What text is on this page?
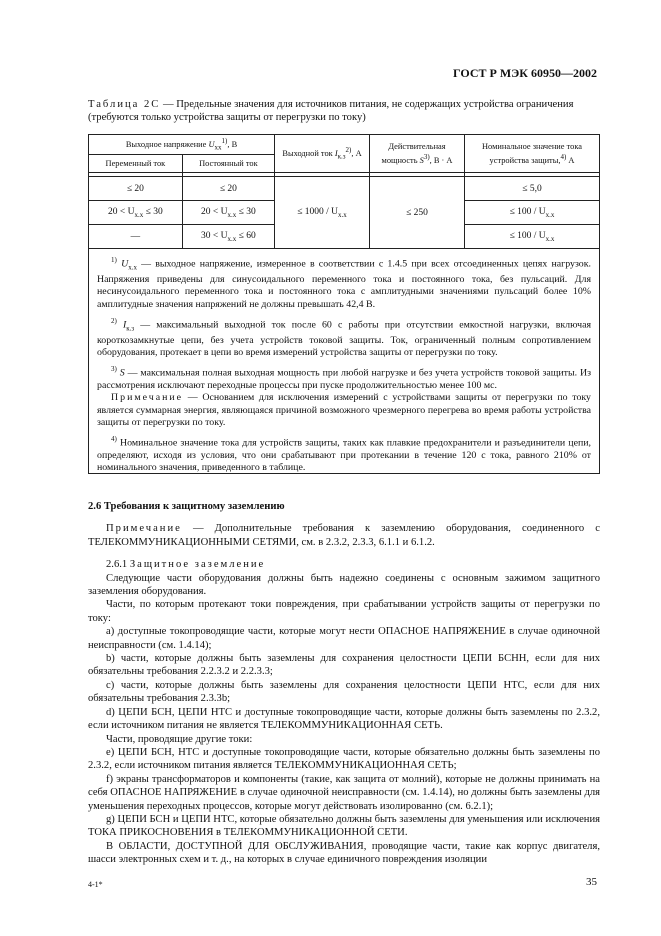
ГОСТ Р МЭК 60950—2002
Таблица 2С — Предельные значения для источников питания, не содержащих устройства ограничения (требуются только устройства защиты от перегрузки по току)
Выходное напряжение $U_{xx}^{1)}$, В		Выходной ток $I_{к.з}^{2)}$, А	Действительная мощность $S^{3)}$, В · А	Номинальное значение тока устройства защиты,$^{4)}$ А
Переменный ток	Постоянный ток			

≤ 20	≤ 20	≤ $1000 / U_{х.х}$	≤ 250	≤ 5,0
$20 < U_{х.х} \le 30$	$20 < U_{х.х} \le 30$			≤ $100 / U_{х.х}$
—	$30 < U_{х.х} \le 60$			≤ $100 / U_{х.х}$

$^{1)}$ $U_{х.х}$ — выходное напряжение, измеренное в соответствии с 1.4.5 при всех отсоединенных цепях нагрузок. Напряжения приведены для синусоидального переменного тока и постоянного тока, без пульсаций. Для несинусоидального переменного тока и постоянного тока с амплитудными значениями пульсаций более 10% амплитудные значения напряжений не должны превышать 42,4 В.

$^{2)}$ $I_{к.з}$ — максимальный выходной ток после 60 с работы при отсутствии емкостной нагрузки, включая короткозамкнутые цепи, без учета устройств токовой защиты. Ток, ограниченный полным сопротивлением оборудования, протекает в цепи во время измерений устройства защиты от перегрузки по току.

$^{3)}$ S — максимальная полная выходная мощность при любой нагрузке и без учета устройств токовой защиты. Из рассмотрения исключают переходные процессы при пуске продолжительностью менее 100 мс.

Примечание — Основанием для исключения измерений с устройствами защиты от перегрузки по току является суммарная энергия, являющаяся причиной возможного чрезмерного перегрева во время работы устройства защиты от перегрузки по току.

$^{4)}$ Номинальное значение тока для устройств защиты, таких как плавкие предохранители и разъединители цепи, определяют, исходя из условия, что они срабатывают при протекании в течение 120 с тока, равного 210% от номинального значения, приведенного в таблице.

2.6 Требования к защитному заземлению

Примечание — Дополнительные требования к заземлению оборудования, соединенного с ТЕЛЕКОММУНИКАЦИОННЫМИ СЕТЯМИ, см. в 2.3.2, 2.3.3, 6.1.1 и 6.1.2.

2.6.1 Защитное заземление

Следующие части оборудования должны быть надежно соединены с основным зажимом защитного заземления оборудования.

Части, по которым протекают токи повреждения, при срабатывании устройств защиты от перегрузки по току:

a) доступные токопроводящие части, которые могут нести ОПАСНОЕ НАПРЯЖЕНИЕ в случае одиночной неисправности (см. 1.4.14);

b) части, которые должны быть заземлены для сохранения целостности ЦЕПИ БСНН, если для них обязательны требования 2.2.3.2 и 2.2.3.3;

c) части, которые должны быть заземлены для сохранения целостности ЦЕПИ НТС, если для них обязательны требования 2.3.3b;

d) ЦЕПИ БСН, ЦЕПИ НТС и доступные токопроводящие части, которые должны быть заземлены по 2.3.2, если источником питания не является ТЕЛЕКОММУНИКАЦИОННАЯ СЕТЬ.

Части, проводящие другие токи:

e) ЦЕПИ БСН, НТС и доступные токопроводящие части, которые обязательно должны быть заземлены по 2.3.2, если источником питания является ТЕЛЕКОММУНИКАЦИОННАЯ СЕТЬ;

f) экраны трансформаторов и компоненты (такие, как защита от молний), которые не должны принимать на себя ОПАСНОЕ НАПРЯЖЕНИЕ в случае одиночной неисправности (см. 1.4.14), но должны быть заземлены для уменьшения переходных процессов, которые могут действовать изолированно (см. 6.2.1);

g) ЦЕПИ БСН и ЦЕПИ НТС, которые обязательно должны быть заземлены для уменьшения или исключения ТОКА ПРИКОСНОВЕНИЯ в ТЕЛЕКОММУНИКАЦИОННОЙ СЕТИ.

В ОБЛАСТИ, ДОСТУПНОЙ ДЛЯ ОБСЛУЖИВАНИЯ, проводящие части, такие как корпус двигателя, шасси электронных схем и т. д., на которых в случае единичного повреждения изоляции

4-1*	35
